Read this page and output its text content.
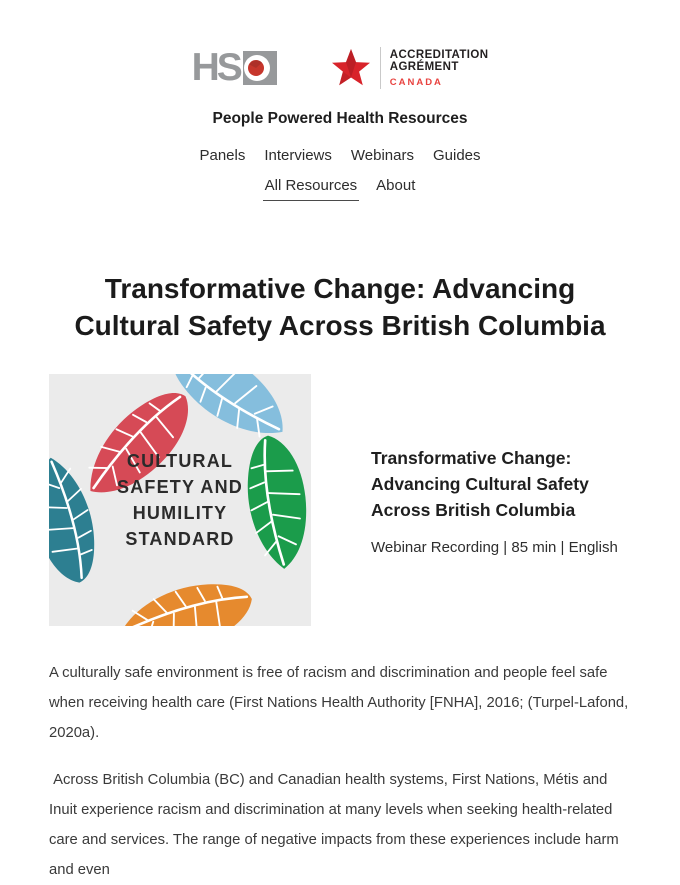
HS	ACCREDITATION
AGRÉMENT
CANADA
People Powered Health Resources
Panels Interviews Webinars Guides
All Resources About
Transformative Change: Advancing
Cultural Safety Across British Columbia
CULTURAL
SAFETY AND
HUMILITY
STANDARD
Transformative Change:
Advancing Cultural Safety
Across British Columbia
Webinar Recording | 85 min | English

A culturally safe environment is free of racism and discrimination and people feel safe when receiving health care (First Nations Health Authority [FNHA], 2016; (Turpel-Lafond, 2020a).

Across British Columbia (BC) and Canadian health systems, First Nations, Métis and Inuit experience racism and discrimination at many levels when seeking health-related care and services. The range of negative impacts from these experiences include harm and even
